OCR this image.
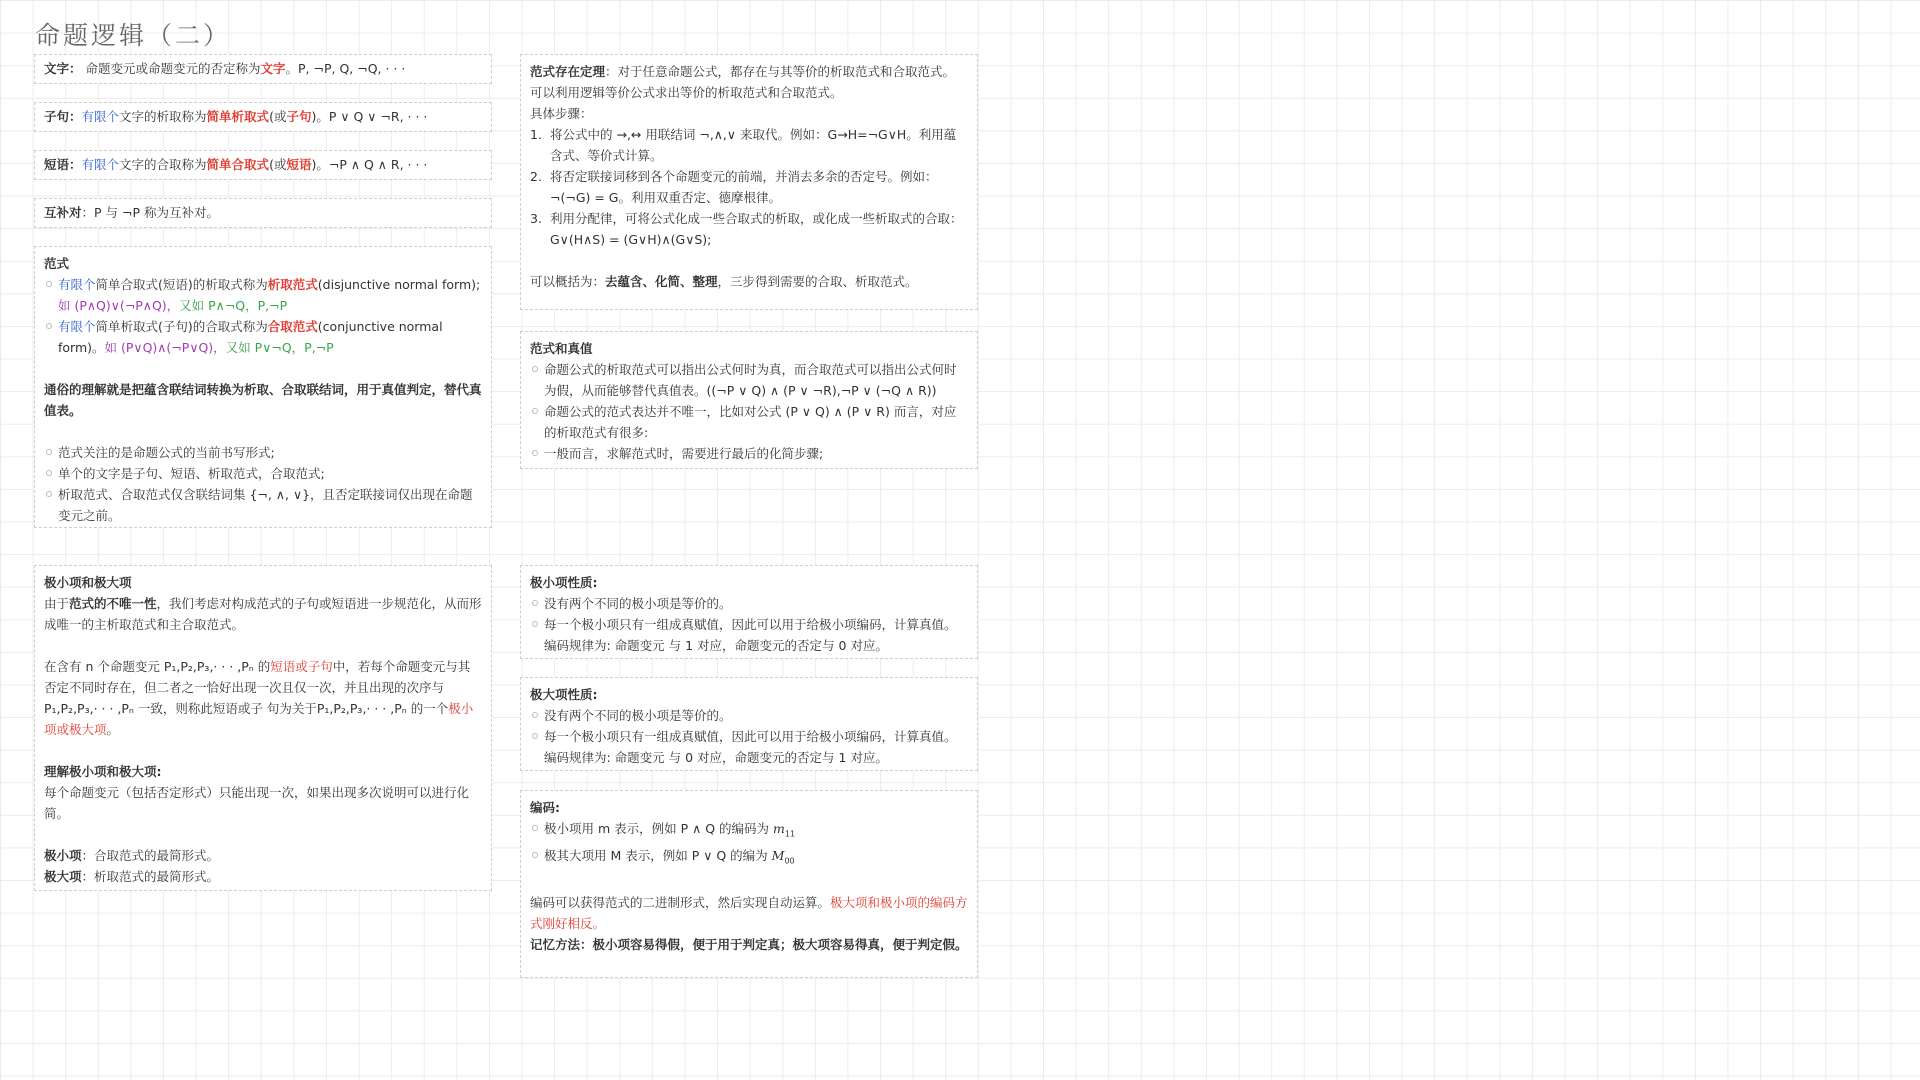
命题逻辑（二）
文字： 命题变元或命题变元的否定称为文字。P, ¬P, Q, ¬Q, · · ·
子句：有限个文字的析取称为简单析取式(或子句)。P ∨ Q ∨ ¬R, · · ·
短语：有限个文字的合取称为简单合取式(或短语)。¬P ∧ Q ∧ R, · · ·
互补对：P 与 ¬P 称为互补对。
范式
有限个简单合取式(短语)的析取式称为析取范式(disjunctive normal form); 如 (P∧Q)∨(¬P∧Q)，又如 P∧¬Q，P,¬P
有限个简单析取式(子句)的合取式称为合取范式(conjunctive normal form)。如 (P∨Q)∧(¬P∨Q)，又如 P∨¬Q，P,¬P
通俗的理解就是把蕴含联结词转换为析取、合取联结词，用于真值判定，替代真值表。
范式关注的是命题公式的当前书写形式;
单个的文字是子句、短语、析取范式，合取范式;
析取范式、合取范式仅含联结词集 {¬, ∧, ∨}，且否定联接词仅出现在命题 变元之前。
极小项和极大项
由于范式的不唯一性，我们考虑对构成范式的子句或短语进一步规范化，从而形成唯一的主析取范式和主合取范式。
在含有 n 个命题变元 P₁,P₂,P₃,· · · ,Pₙ 的短语或子句中，若每个命题变元与其否定不同时存在，但二者之一恰好出现一次且仅一次，并且出现的次序与 P₁,P₂,P₃,· · · ,Pₙ 一致，则称此短语或子 句为关于P₁,P₂,P₃,· · · ,Pₙ 的一个极小项或极大项。
理解极小项和极大项:
每个命题变元（包括否定形式）只能出现一次，如果出现多次说明可以进行化简。
极小项：合取范式的最简形式。
极大项：析取范式的最简形式。
范式存在定理：对于任意命题公式，都存在与其等价的析取范式和合取范式。
可以利用逻辑等价公式求出等价的析取范式和合取范式。
具体步骤：
1. 将公式中的 →,↔ 用联结词 ¬,∧,∨ 来取代。例如：G→H=¬G∨H。利用蕴含式、等价式计算。
2. 将否定联接词移到各个命题变元的前端，并消去多余的否定号。例如：¬(¬G) = G。利用双重否定、德摩根律。
3. 利用分配律，可将公式化成一些合取式的析取，或化成一些析取式的合取：G∨(H∧S) = (G∨H)∧(G∨S);
可以概括为：去蕴含、化简、整理，三步得到需要的合取、析取范式。
范式和真值
命题公式的析取范式可以指出公式何时为真，而合取范式可以指出公式何时 为假，从而能够替代真值表。((¬P ∨ Q) ∧ (P ∨ ¬R),¬P ∨ (¬Q ∧ R))
命题公式的范式表达并不唯一，比如对公式 (P ∨ Q) ∧ (P ∨ R) 而言，对应的析取范式有很多:
一般而言，求解范式时，需要进行最后的化简步骤;
极小项性质:
没有两个不同的极小项是等价的。
每一个极小项只有一组成真赋值，因此可以用于给极小项编码，计算真值。编码规律为: 命题变元 与 1 对应，命题变元的否定与 0 对应。
极大项性质:
没有两个不同的极小项是等价的。
每一个极小项只有一组成真赋值，因此可以用于给极小项编码，计算真值。编码规律为: 命题变元 与 0 对应，命题变元的否定与 1 对应。
编码:
极小项用 m 表示，例如 P ∧ Q 的编码为 $m_{11}$
极其大项用 M 表示，例如 P ∨ Q 的编为 $M_{00}$
编码可以获得范式的二进制形式，然后实现自动运算。极大项和极小项的编码方式刚好相反。
记忆方法：极小项容易得假，便于用于判定真；极大项容易得真，便于判定假。
